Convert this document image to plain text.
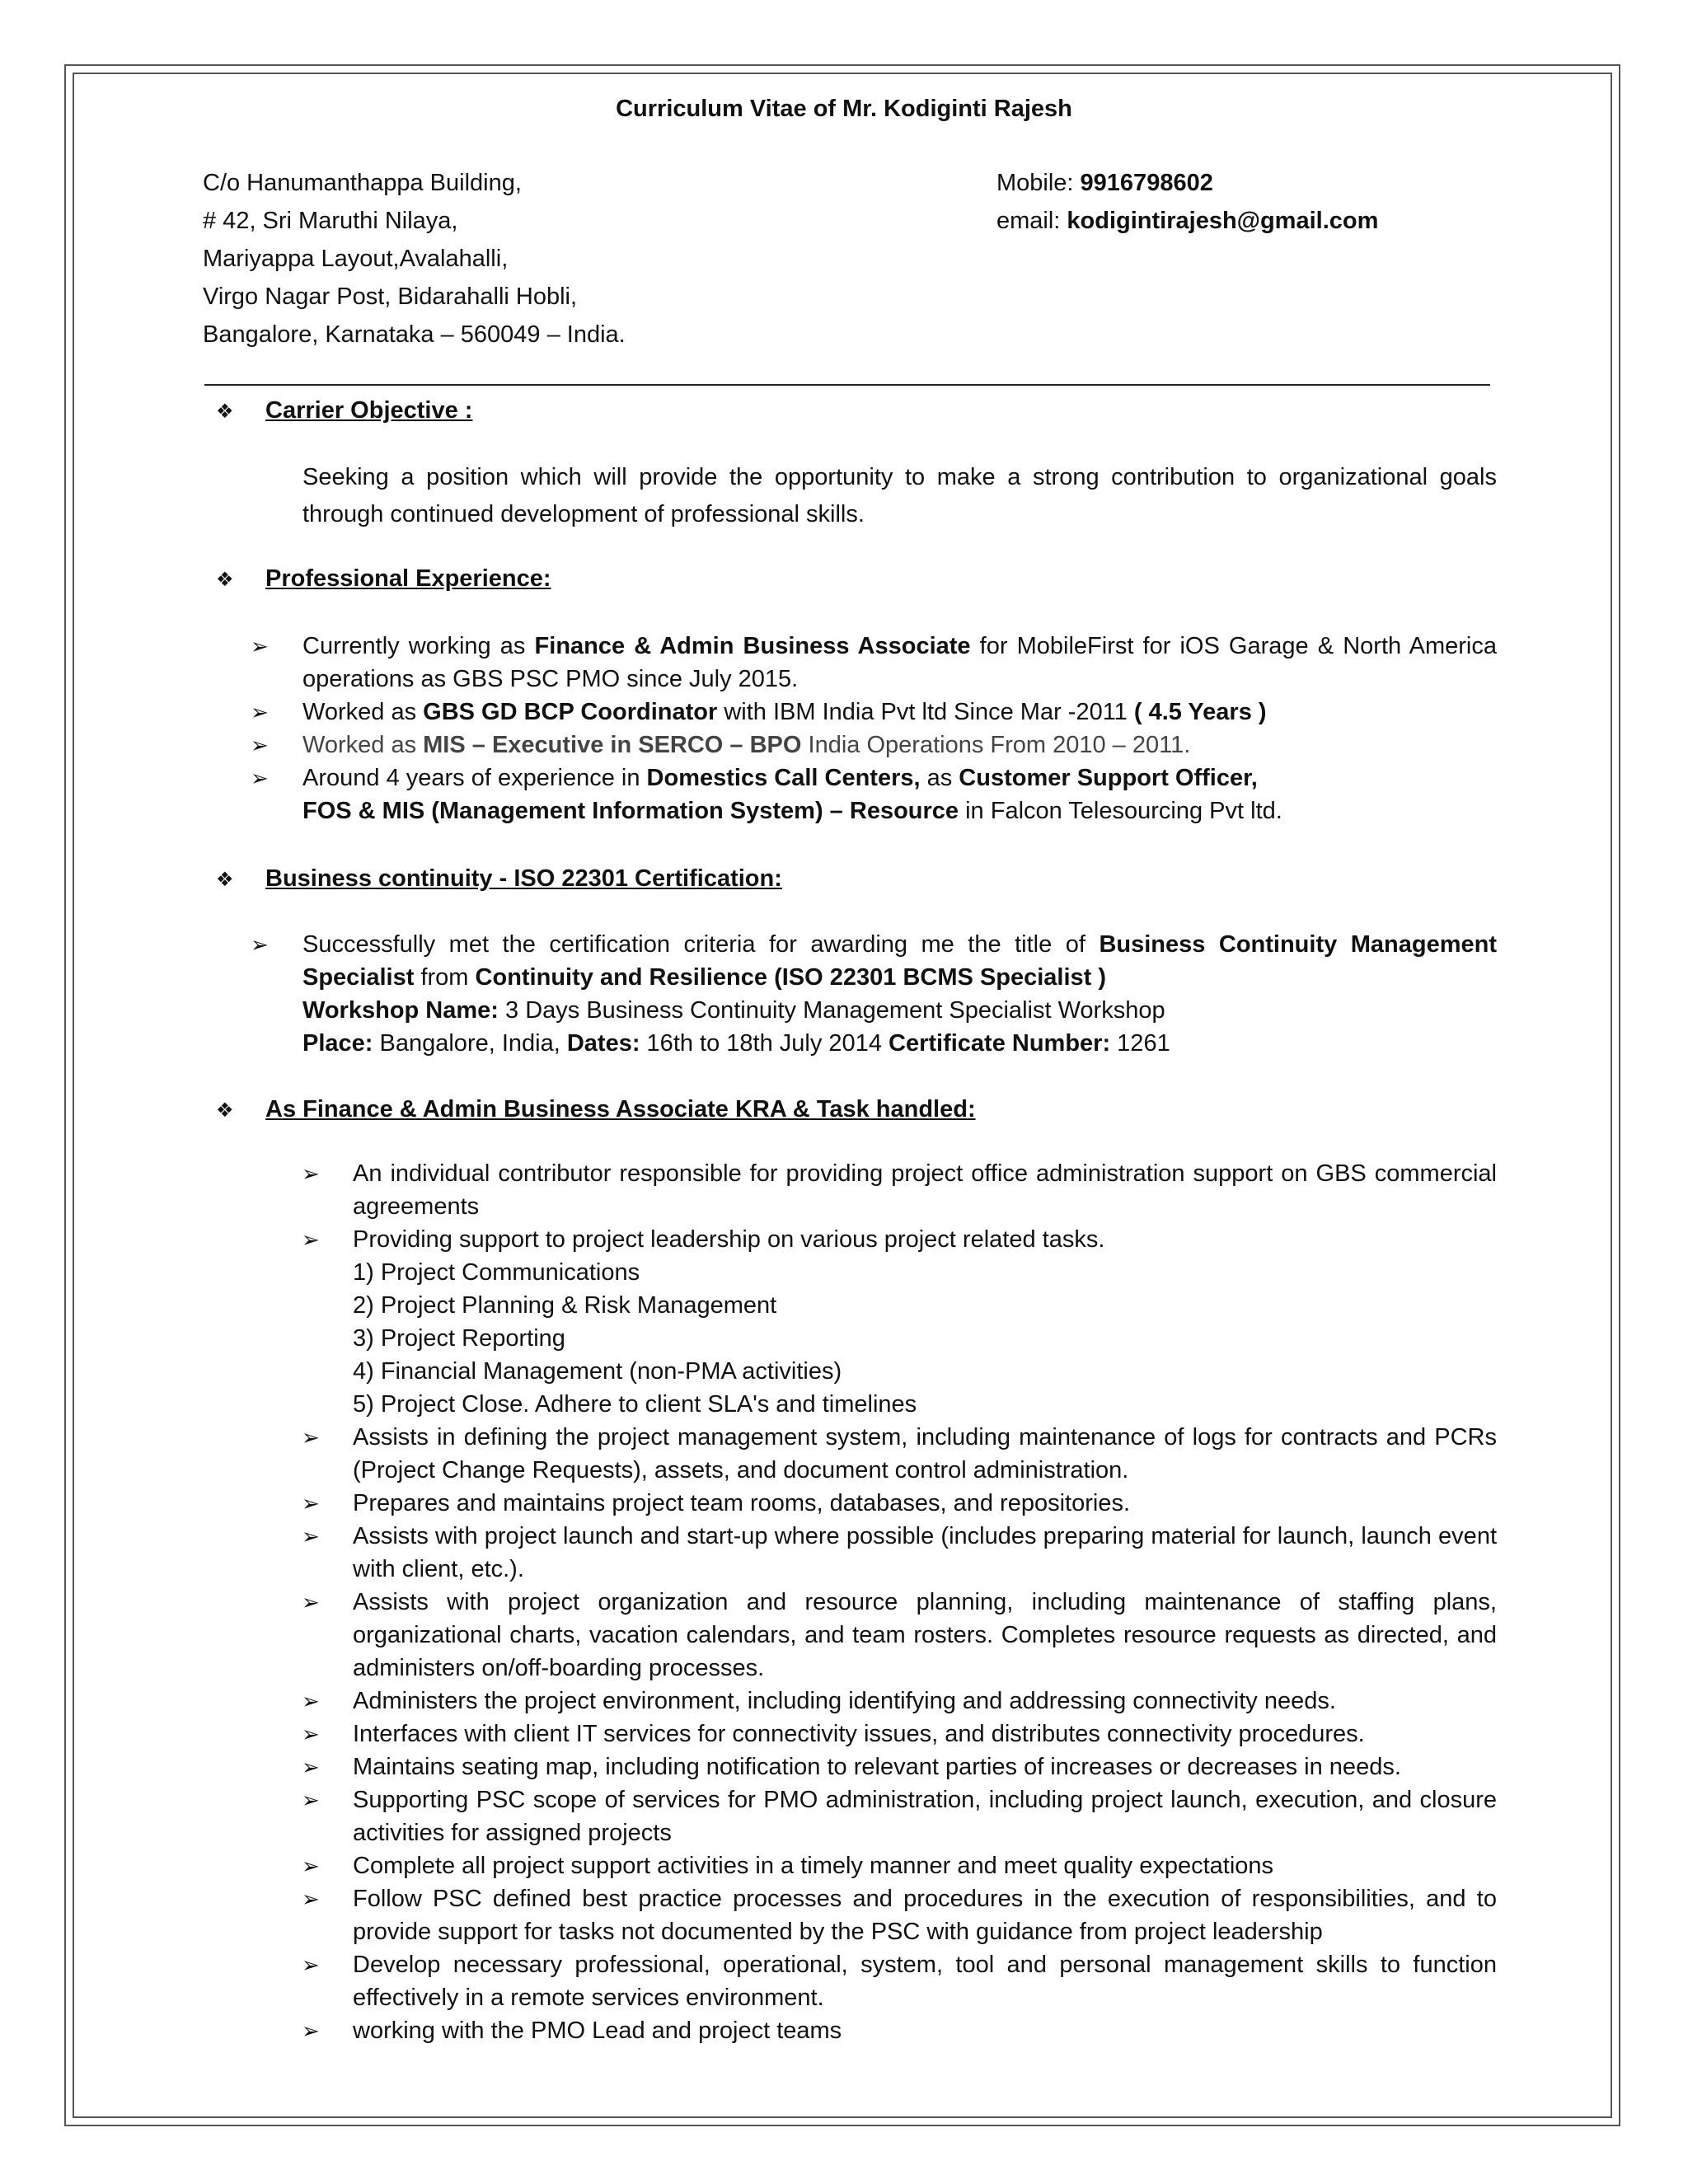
Curriculum Vitae of Mr. Kodiginti Rajesh
C/o Hanumanthappa Building,
# 42, Sri Maruthi Nilaya,
Mariyappa Layout,Avalahalli,
Virgo Nagar Post, Bidarahalli Hobli,
Bangalore, Karnataka – 560049 – India.
Mobile: 9916798602
email: kodigintirajesh@gmail.com
❖ Carrier Objective :
Seeking a position which will provide the opportunity to make a strong contribution to organizational goals through continued development of professional skills.
❖ Professional Experience:
➢ Currently working as Finance & Admin Business Associate for MobileFirst for iOS Garage & North America operations as GBS PSC PMO since July 2015.
➢ Worked as GBS GD BCP Coordinator with IBM India Pvt ltd Since Mar -2011 ( 4.5 Years )
➢ Worked as MIS – Executive in SERCO – BPO India Operations From 2010 – 2011.
➢ Around 4 years of experience in Domestics Call Centers, as Customer Support Officer,
FOS & MIS (Management Information System) – Resource in Falcon Telesourcing Pvt ltd.
❖ Business continuity - ISO 22301 Certification:
➢ Successfully met the certification criteria for awarding me the title of Business Continuity Management Specialist from Continuity and Resilience (ISO 22301 BCMS Specialist )
Workshop Name: 3 Days Business Continuity Management Specialist Workshop
Place: Bangalore, India, Dates: 16th to 18th July 2014 Certificate Number: 1261
❖ As Finance & Admin Business Associate KRA & Task handled:
➢ An individual contributor responsible for providing project office administration support on GBS commercial agreements
➢ Providing support to project leadership on various project related tasks.
1) Project Communications
2) Project Planning & Risk Management
3) Project Reporting
4) Financial Management (non-PMA activities)
5) Project Close. Adhere to client SLA's and timelines
➢ Assists in defining the project management system, including maintenance of logs for contracts and PCRs (Project Change Requests), assets, and document control administration.
➢ Prepares and maintains project team rooms, databases, and repositories.
➢ Assists with project launch and start-up where possible (includes preparing material for launch, launch event with client, etc.).
➢ Assists with project organization and resource planning, including maintenance of staffing plans, organizational charts, vacation calendars, and team rosters. Completes resource requests as directed, and administers on/off-boarding processes.
➢ Administers the project environment, including identifying and addressing connectivity needs.
➢ Interfaces with client IT services for connectivity issues, and distributes connectivity procedures.
➢ Maintains seating map, including notification to relevant parties of increases or decreases in needs.
➢ Supporting PSC scope of services for PMO administration, including project launch, execution, and closure activities for assigned projects
➢ Complete all project support activities in a timely manner and meet quality expectations
➢ Follow PSC defined best practice processes and procedures in the execution of responsibilities, and to provide support for tasks not documented by the PSC with guidance from project leadership
➢ Develop necessary professional, operational, system, tool and personal management skills to function effectively in a remote services environment.
➢ working with the PMO Lead and project teams
